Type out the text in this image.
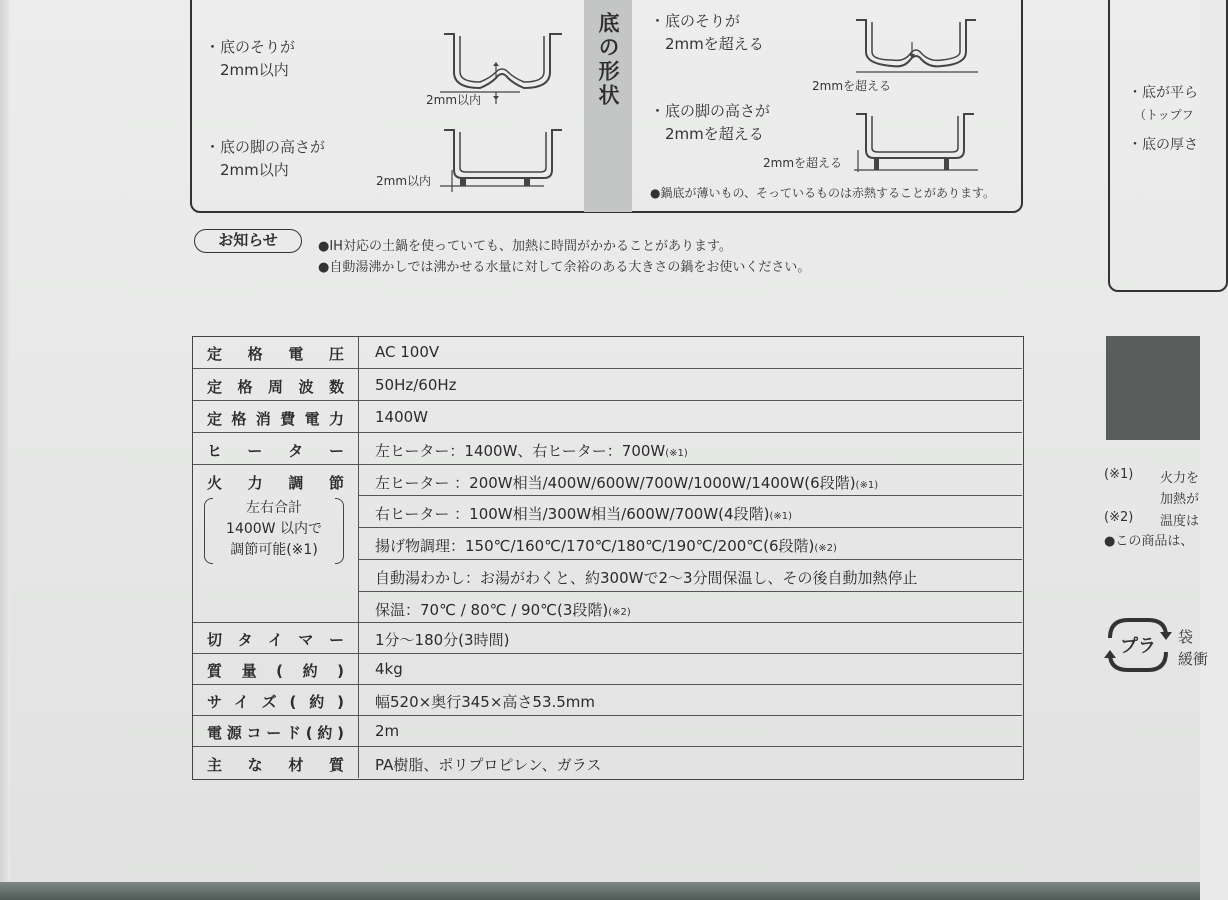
・底のそりが
　2mm以内
2mm以内
・底の脚の高さが
　2mm以内
2mm以内
底の形状 ・底のそりが
　2mmを超える
2mmを超える
・底の脚の高さが
　2mmを超える
2mmを超える
●鍋底が薄いもの、そっているものは赤熱することがあります。
・底が平ら
（トップフ
・底の厚さ
お知らせ	●IH対応の土鍋を使っていても、加熱に時間がかかることがあります。
●自動湯沸かしでは沸かせる水量に対して余裕のある大きさの鍋をお使いください。
定格電圧	AC 100V
定格周波数	50Hz/60Hz
定格消費電力	1400W
ヒーター	左ヒーター：1400W、右ヒーター：700W(※1)
火力調節	左ヒーター ：200W相当/400W/600W/700W/1000W/1400W(6段階)(※1)
右ヒーター ：100W相当/300W相当/600W/700W(4段階)(※1)
揚げ物調理：150℃/160℃/170℃/180℃/190℃/200℃(6段階)(※2)
自動湯わかし：お湯がわくと、約300Wで2～3分間保温し、その後自動加熱停止
保温：70℃ / 80℃ / 90℃(3段階)(※2)
切タイマー	1分～180分(3時間)
質量(約)	4kg
サイズ(約)	幅520×奥行345×高さ53.5mm
電源コード(約)	2m
主な材質	PA樹脂、ポリプロピレン、ガラス
左右合計
1400W 以内で
調節可能(※1)
(※1) 火力を
加熱が
(※2) 温度は
●この商品は、
プラ 袋
緩衝
